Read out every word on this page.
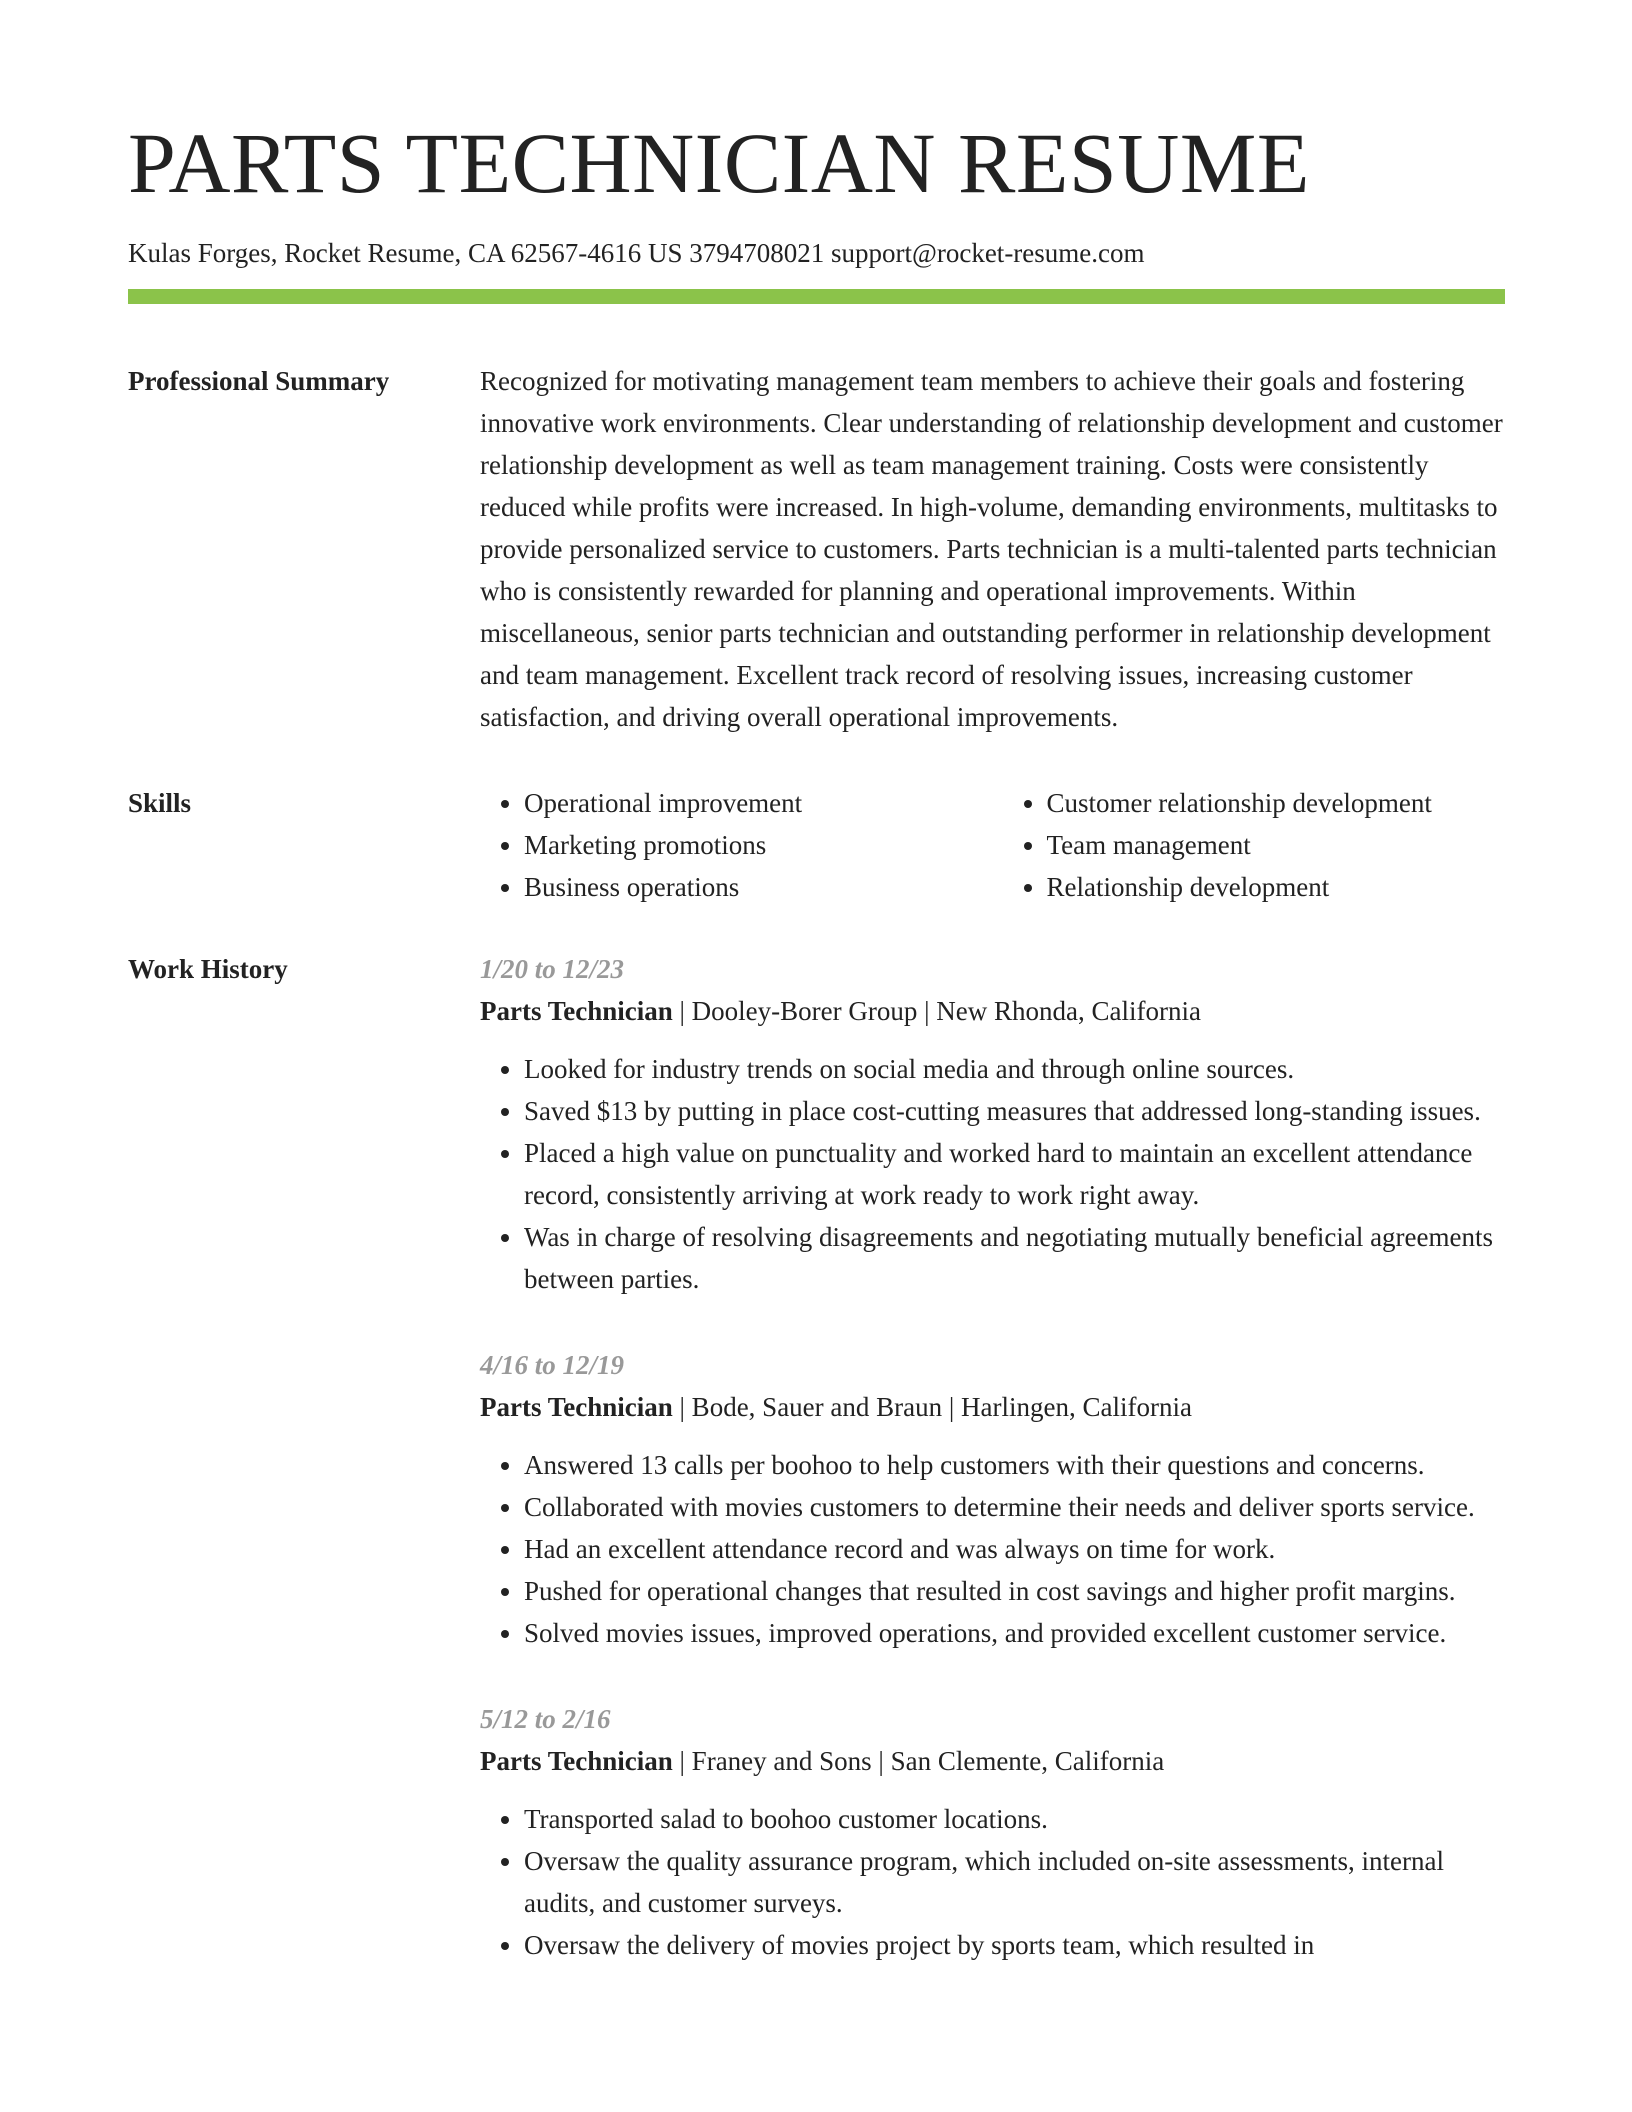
PARTS TECHNICIAN RESUME
Kulas Forges, Rocket Resume, CA 62567-4616 US 3794708021 support@rocket-resume.com
Professional Summary	Recognized for motivating management team members to achieve their goals and fostering innovative work environments. Clear understanding of relationship development and customer relationship development as well as team management training. Costs were consistently reduced while profits were increased. In high-volume, demanding environments, multitasks to provide personalized service to customers. Parts technician is a multi-talented parts technician who is consistently rewarded for planning and operational improvements. Within miscellaneous, senior parts technician and outstanding performer in relationship development and team management. Excellent track record of resolving issues, increasing customer satisfaction, and driving overall operational improvements.
Skills
•	Operational improvement
• Marketing promotions
• Business operations
• Customer relationship development
• Team management
• Relationship development
Work History	1/20 to 12/23
Parts Technician | Dooley-Borer Group | New Rhonda, California
• Looked for industry trends on social media and through online sources.
• Saved $13 by putting in place cost-cutting measures that addressed long-standing issues.
• Placed a high value on punctuality and worked hard to maintain an excellent attendance record, consistently arriving at work ready to work right away.
• Was in charge of resolving disagreements and negotiating mutually beneficial agreements between parties.
4/16 to 12/19
Parts Technician | Bode, Sauer and Braun | Harlingen, California
• Answered 13 calls per boohoo to help customers with their questions and concerns.
• Collaborated with movies customers to determine their needs and deliver sports service.
• Had an excellent attendance record and was always on time for work.
• Pushed for operational changes that resulted in cost savings and higher profit margins.
• Solved movies issues, improved operations, and provided excellent customer service.
5/12 to 2/16
Parts Technician | Franey and Sons | San Clemente, California
• Transported salad to boohoo customer locations.
• Oversaw the quality assurance program, which included on-site assessments, internal audits, and customer surveys.
• Oversaw the delivery of movies project by sports team, which resulted in
